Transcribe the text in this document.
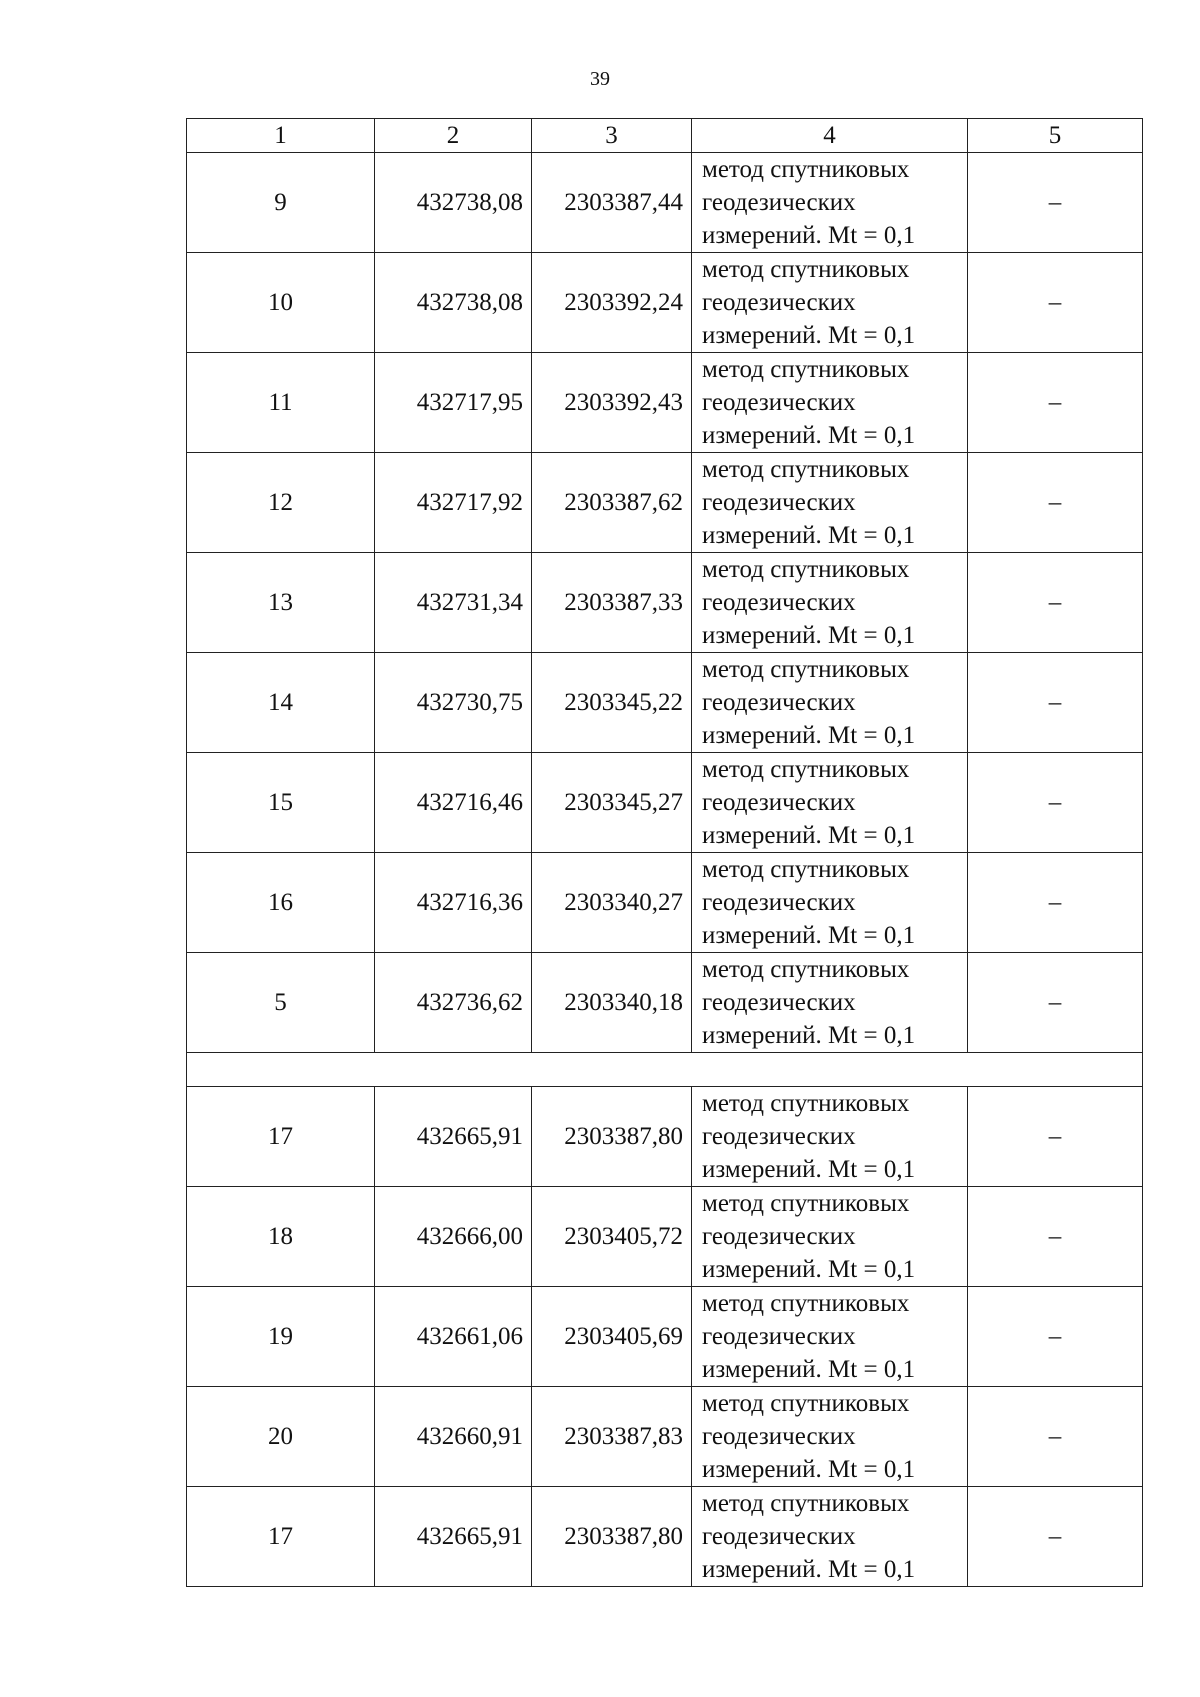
39
1	2	3	4	5
9	432738,08	2303387,44	метод спутниковых геодезических измерений. Mt = 0,1	–
10	432738,08	2303392,24	метод спутниковых геодезических измерений. Mt = 0,1	–
11	432717,95	2303392,43	метод спутниковых геодезических измерений. Mt = 0,1	–
12	432717,92	2303387,62	метод спутниковых геодезических измерений. Mt = 0,1	–
13	432731,34	2303387,33	метод спутниковых геодезических измерений. Mt = 0,1	–
14	432730,75	2303345,22	метод спутниковых геодезических измерений. Mt = 0,1	–
15	432716,46	2303345,27	метод спутниковых геодезических измерений. Mt = 0,1	–
16	432716,36	2303340,27	метод спутниковых геодезических измерений. Mt = 0,1	–
5	432736,62	2303340,18	метод спутниковых геодезических измерений. Mt = 0,1	–

17	432665,91	2303387,80	метод спутниковых геодезических измерений. Mt = 0,1	–
18	432666,00	2303405,72	метод спутниковых геодезических измерений. Mt = 0,1	–
19	432661,06	2303405,69	метод спутниковых геодезических измерений. Mt = 0,1	–
20	432660,91	2303387,83	метод спутниковых геодезических измерений. Mt = 0,1	–
17	432665,91	2303387,80	метод спутниковых геодезических измерений. Mt = 0,1	–
